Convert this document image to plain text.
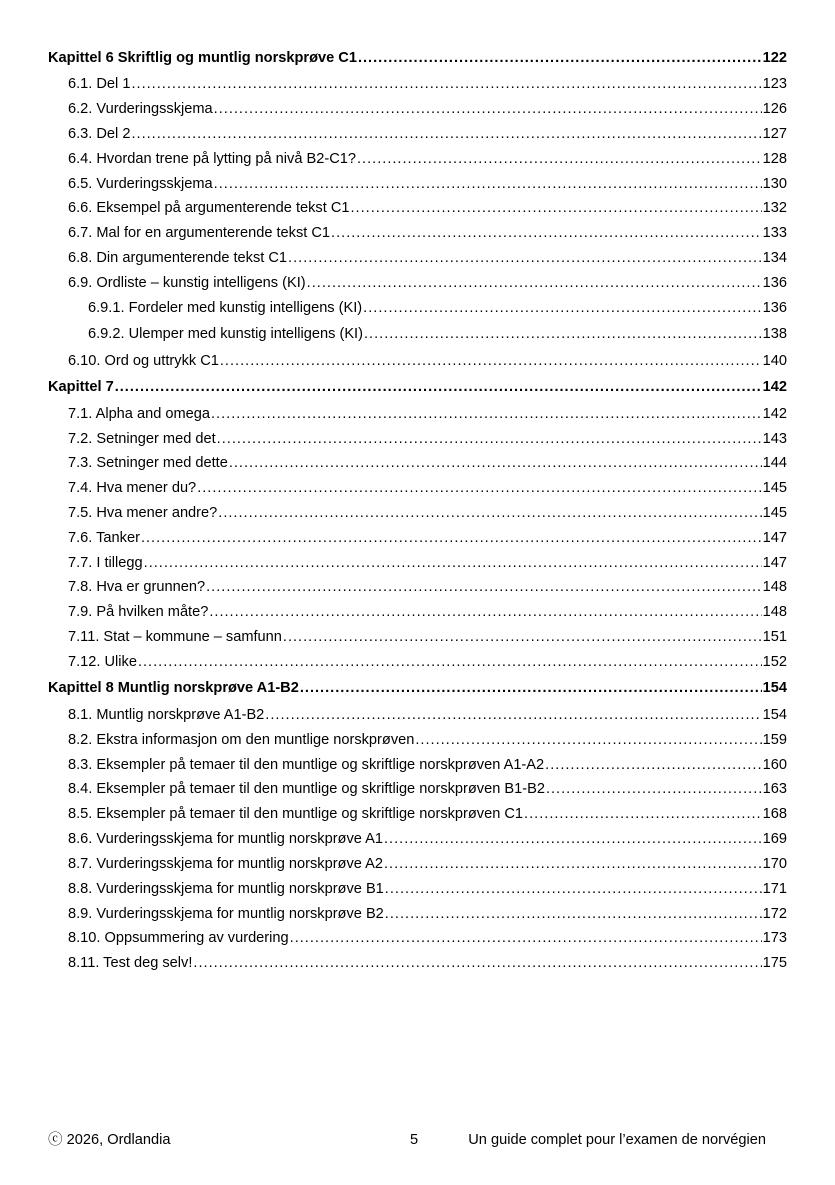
Kapittel 6 Skriftlig og muntlig norskprøve C1 .....	122
6.1. Del 1 .....	123
6.2. Vurderingsskjema .....	126
6.3. Del 2 .....	127
6.4. Hvordan trene på lytting på nivå B2-C1? .....	128
6.5. Vurderingsskjema .....	130
6.6. Eksempel på argumenterende tekst C1 .....	132
6.7. Mal for en argumenterende tekst C1 .....	133
6.8. Din argumenterende tekst C1 .....	134
6.9. Ordliste – kunstig intelligens (KI) .....	136
6.9.1. Fordeler med kunstig intelligens (KI) .....	136
6.9.2. Ulemper med kunstig intelligens (KI) .....	138
6.10. Ord og uttrykk C1 .....	140
Kapittel 7 .....	142
7.1. Alpha and omega .....	142
7.2. Setninger med det .....	143
7.3. Setninger med dette .....	144
7.4. Hva mener du? .....	145
7.5. Hva mener andre? .....	145
7.6. Tanker .....	147
7.7. I tillegg .....	147
7.8. Hva er grunnen? .....	148
7.9. På hvilken måte? .....	148
7.11. Stat – kommune – samfunn .....	151
7.12. Ulike .....	152
Kapittel 8 Muntlig norskprøve A1-B2 .....	154
8.1. Muntlig norskprøve A1-B2 .....	154
8.2. Ekstra informasjon om den muntlige norskprøven .....	159
8.3. Eksempler på temaer til den muntlige og skriftlige norskprøven A1-A2 .....	160
8.4. Eksempler på temaer til den muntlige og skriftlige norskprøven B1-B2 .....	163
8.5. Eksempler på temaer til den muntlige og skriftlige norskprøven C1 .....	168
8.6. Vurderingsskjema for muntlig norskprøve A1 .....	169
8.7. Vurderingsskjema for muntlig norskprøve A2 .....	170
8.8. Vurderingsskjema for muntlig norskprøve B1 .....	171
8.9. Vurderingsskjema for muntlig norskprøve B2 .....	172
8.10. Oppsummering av vurdering .....	173
8.11. Test deg selv! .....	175
ⓒ 2026, Ordlandia	5	Un guide complet pour l’examen de norvégien
